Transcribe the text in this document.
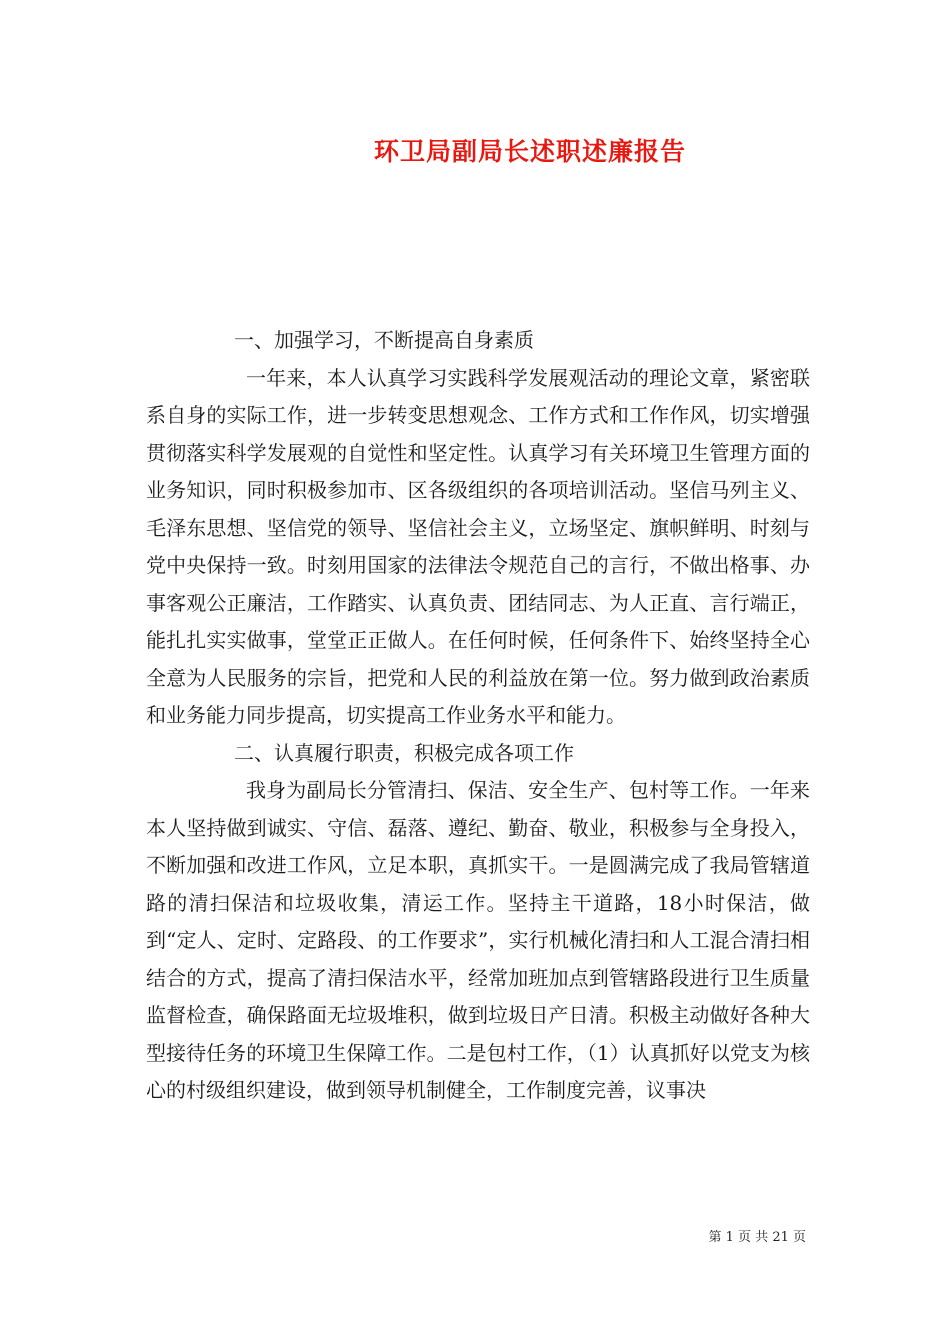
环卫局副局长述职述廉报告

一、加强学习，不断提高自身素质

一年来，本人认真学习实践科学发展观活动的理论文章，紧密联系自身的实际工作，进一步转变思想观念、工作方式和工作作风，切实增强贯彻落实科学发展观的自觉性和坚定性。认真学习有关环境卫生管理方面的业务知识，同时积极参加市、区各级组织的各项培训活动。坚信马列主义、毛泽东思想、坚信党的领导、坚信社会主义，立场坚定、旗帜鲜明、时刻与党中央保持一致。时刻用国家的法律法令规范自己的言行，不做出格事、办事客观公正廉洁，工作踏实、认真负责、团结同志、为人正直、言行端正，能扎扎实实做事，堂堂正正做人。在任何时候，任何条件下、始终坚持全心全意为人民服务的宗旨，把党和人民的利益放在第一位。努力做到政治素质和业务能力同步提高，切实提高工作业务水平和能力。

二、认真履行职责，积极完成各项工作

我身为副局长分管清扫、保洁、安全生产、包村等工作。一年来本人坚持做到诚实、守信、磊落、遵纪、勤奋、敬业，积极参与全身投入，不断加强和改进工作风，立足本职，真抓实干。一是圆满完成了我局管辖道路的清扫保洁和垃圾收集，清运工作。坚持主干道路，18小时保洁，做到“定人、定时、定路段、的工作要求”，实行机械化清扫和人工混合清扫相结合的方式，提高了清扫保洁水平，经常加班加点到管辖路段进行卫生质量监督检查，确保路面无垃圾堆积，做到垃圾日产日清。积极主动做好各种大型接待任务的环境卫生保障工作。二是包村工作，（1）认真抓好以党支为核心的村级组织建设，做到领导机制健全，工作制度完善，议事决

第 1 页 共 21 页
